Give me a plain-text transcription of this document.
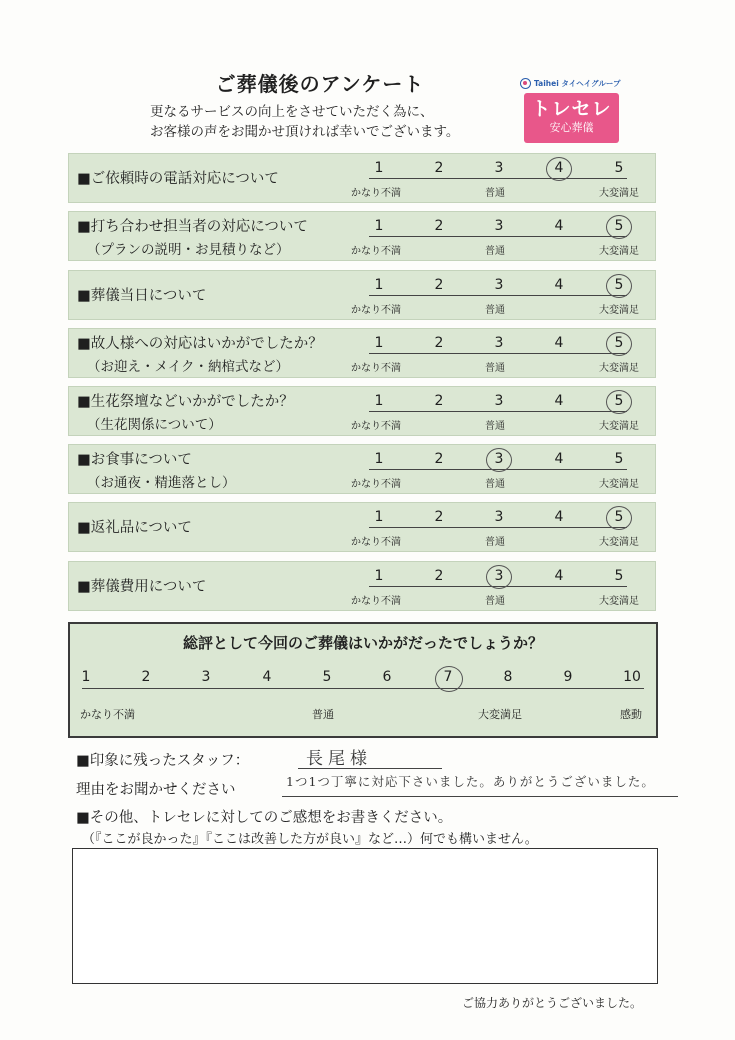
ご葬儀後のアンケート
更なるサービスの向上をさせていただく為に、
お客様の声をお聞かせ頂ければ幸いでございます。
Taihei タイヘイグループ
トレセレ
安心葬儀
■ご依頼時の電話対応について
1	2	3	4	5
かなり不満	普通	大変満足
■打ち合わせ担当者の対応について
（プランの説明・お見積りなど）
1	2	3	4	5
かなり不満	普通	大変満足
■葬儀当日について
1	2	3	4	5
かなり不満	普通	大変満足
■故人様への対応はいかがでしたか？
（お迎え・メイク・納棺式など）
1	2	3	4	5
かなり不満	普通	大変満足
■生花祭壇などいかがでしたか？
（生花関係について）
1	2	3	4	5
かなり不満	普通	大変満足
■お食事について
（お通夜・精進落とし）
1	2	3	4	5
かなり不満	普通	大変満足
■返礼品について
1	2	3	4	5
かなり不満	普通	大変満足
■葬儀費用について
1	2	3	4	5
かなり不満	普通	大変満足
総評として今回のご葬儀はいかがだったでしょうか？
1	2	3	4	5	6	7	8	9	10
かなり不満	普通	大変満足	感動
■印象に残ったスタッフ：	長尾様
理由をお聞かせください
1つ1つ丁寧に対応下さいました。ありがとうございました。
■その他、トレセレに対してのご感想をお書きください。
（『ここが良かった』『ここは改善した方が良い』など…）何でも構いません。
ご協力ありがとうございました。
